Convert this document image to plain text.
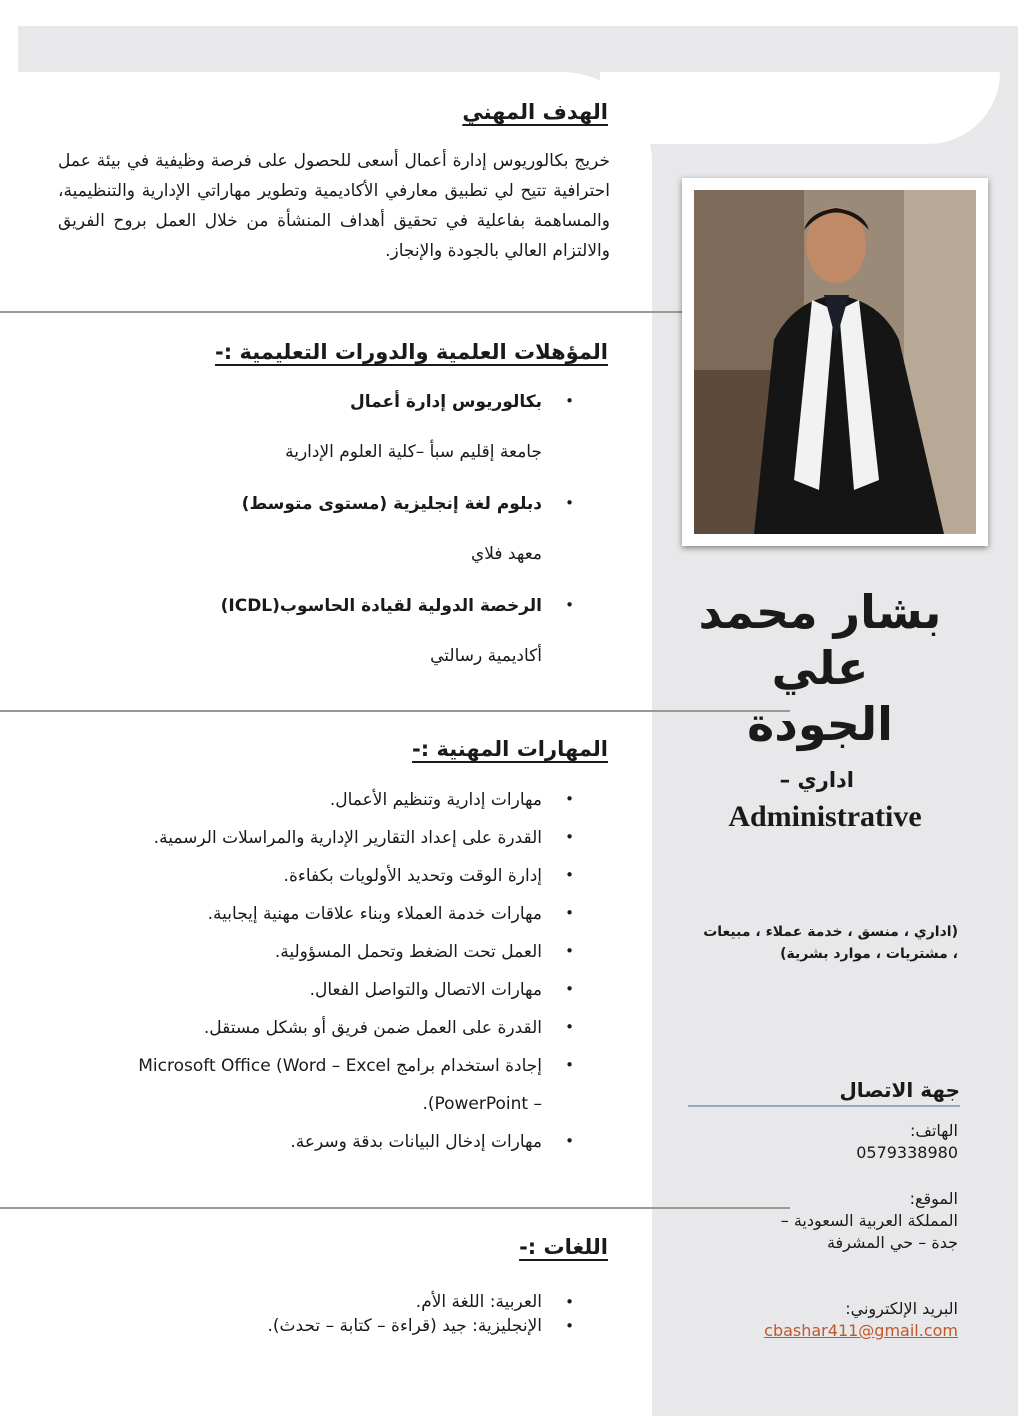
الهدف المهني
خريج بكالوريوس إدارة أعمال أسعى للحصول على فرصة وظيفية في بيئة عمل احترافية تتيح لي تطبيق معارفي الأكاديمية وتطوير مهاراتي الإدارية والتنظيمية، والمساهمة بفاعلية في تحقيق أهداف المنشأة من خلال العمل بروح الفريق والالتزام العالي بالجودة والإنجاز.
المؤهلات العلمية والدورات التعليمية :-
• بكالوريوس إدارة أعمال
جامعة إقليم سبأ –كلية العلوم الإدارية
• دبلوم لغة إنجليزية (مستوى متوسط)
معهد فلاي
• الرخصة الدولية لقيادة الحاسوب(ICDL)
أكاديمية رسالتي
المهارات المهنية :-
• مهارات إدارية وتنظيم الأعمال.
• القدرة على إعداد التقارير الإدارية والمراسلات الرسمية.
• إدارة الوقت وتحديد الأولويات بكفاءة.
• مهارات خدمة العملاء وبناء علاقات مهنية إيجابية.
• العمل تحت الضغط وتحمل المسؤولية.
• مهارات الاتصال والتواصل الفعال.
• القدرة على العمل ضمن فريق أو بشكل مستقل.
• إجادة استخدام برامج Microsoft Office (Word – Excel
– PowerPoint).
• مهارات إدخال البيانات بدقة وسرعة.
اللغات :-
• العربية: اللغة الأم.
• الإنجليزية: جيد (قراءة – كتابة – تحدث).
بشار محمد علي
الجودة
اداري –
Administrative
(اداري ، منسق ، خدمة عملاء ، مبيعات
، مشتريات ، موارد بشرية)
جهة الاتصال
الهاتف:
0579338980
الموقع:
المملكة العربية السعودية –
جدة – حي المشرفة
البريد الإلكتروني:
cbashar411@gmail.com
